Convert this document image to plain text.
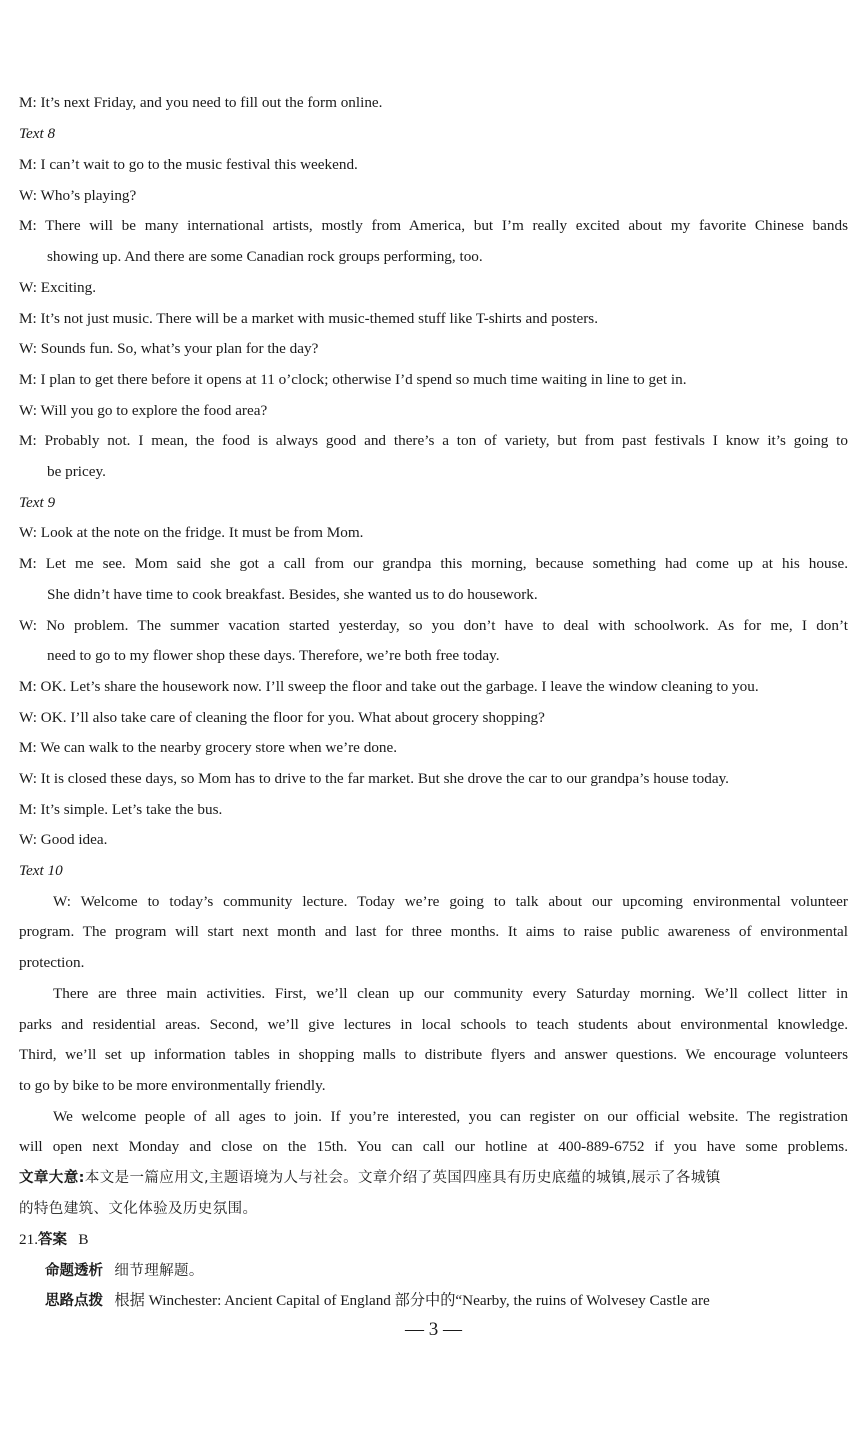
M: It’s next Friday, and you need to fill out the form online.
Text 8
M: I can’t wait to go to the music festival this weekend.
W: Who’s playing?
M: There will be many international artists, mostly from America, but I’m really excited about my favorite Chinese bands
showing up. And there are some Canadian rock groups performing, too.
W: Exciting.
M: It’s not just music. There will be a market with music-themed stuff like T-shirts and posters.
W: Sounds fun. So, what’s your plan for the day?
M: I plan to get there before it opens at 11 o’clock; otherwise I’d spend so much time waiting in line to get in.
W: Will you go to explore the food area?
M: Probably not. I mean, the food is always good and there’s a ton of variety, but from past festivals I know it’s going to
be pricey.
Text 9
W: Look at the note on the fridge. It must be from Mom.
M: Let me see. Mom said she got a call from our grandpa this morning, because something had come up at his house.
She didn’t have time to cook breakfast. Besides, she wanted us to do housework.
W: No problem. The summer vacation started yesterday, so you don’t have to deal with schoolwork. As for me, I don’t
need to go to my flower shop these days. Therefore, we’re both free today.
M: OK. Let’s share the housework now. I’ll sweep the floor and take out the garbage. I leave the window cleaning to you.
W: OK. I’ll also take care of cleaning the floor for you. What about grocery shopping?
M: We can walk to the nearby grocery store when we’re done.
W: It is closed these days, so Mom has to drive to the far market. But she drove the car to our grandpa’s house today.
M: It’s simple. Let’s take the bus.
W: Good idea.
Text 10
W: Welcome to today’s community lecture. Today we’re going to talk about our upcoming environmental volunteer
program. The program will start next month and last for three months. It aims to raise public awareness of environmental
protection.
There are three main activities. First, we’ll clean up our community every Saturday morning. We’ll collect litter in
parks and residential areas. Second, we’ll give lectures in local schools to teach students about environmental knowledge.
Third, we’ll set up information tables in shopping malls to distribute flyers and answer questions. We encourage volunteers
to go by bike to be more environmentally friendly.
We welcome people of all ages to join. If you’re interested, you can register on our official website. The registration
will open next Monday and close on the 15th. You can call our hotline at 400-889-6752 if you have some problems.
文章大意:本文是一篇应用文,主题语境为人与社会。文章介绍了英国四座具有历史底蕴的城镇,展示了各城镇
的特色建筑、文化体验及历史氛围。
21.答案 B
命题透析 细节理解题。
思路点拨 根据 Winchester: Ancient Capital of England 部分中的“Nearby, the ruins of Wolvesey Castle are
— 3 —
